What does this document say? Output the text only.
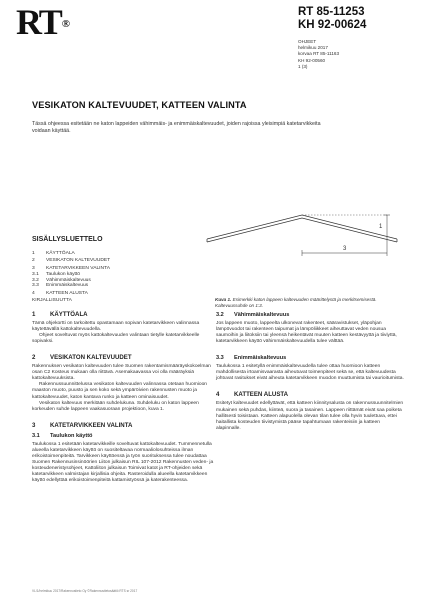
RT®
RT 85-11253
KH 92-00624
OHJEET
helmikuu 2017
korvaa RT 85-11163
KH 92-00560
1 (3)
VESIKATON KALTEVUUDET, KATTEEN VALINTA
Tässä ohjeessa esitetään ne katon lappeiden vähimmäis- ja enimmäiskaltevuudet, joiden rajoissa yleisimpiä katetarvikkeita voidaan käyttää.
SISÄLLYSLUETTELO
1 KÄYTTÖALA
2 VESIKATON KALTEVUUDET
3 KATETARVIKKEEN VALINTA
3.1 Taulukon käyttö
3.2 Vähimmäiskaltevuus
3.3 Enimmäiskaltevuus
4 KATTEEN ALUSTA
KIRJALLISUUTTA
1
3
Kuva 1. Esimerkki katon lappeen kaltevuuden määrittelystä ja merkitsemisestä. Kaltevuussuhde on 1:3.
1 KÄYTTÖALA

Tämä ohjekortti on tarkoitettu opastamaan sopivan katetarvikkeen valinnassa käytettävällä kattokaltevuudella.

Ohjeet soveltuvat myös kattokaltevuuden valintaan tietylle katetarvikkeelle sopivaksi.

2 VESIKATON KALTEVUUDET

Rakennuksen vesikaton kaltevuuden tulee Suomen rakentamismääräyskokoelman osan C2 Kosteus mukaan olla riittävä. Asemakaavassa voi olla määräyksiä kattokaltevuuksista.

Rakennussuunnittelussa vesikaton kaltevuuden valinnassa otetaan huomioon maaston muoto, puusto ja sen koko sekä ympäröivien rakennusten muoto ja kattokaltevuudet, katon kantava runko ja katteen ominaisuudet.

Vesikaton kaltevuus merkitään suhdelukuna. Suhdeluku on katon lappeen korkeuden suhde lappeen vaakasuoraan projektioon, kuva 1.

3 KATETARVIKKEEN VALINTA
3.1 Taulukon käyttö

Taulukossa 1 esitetään katetarvikkeille soveltuvat kattokaltevuudet. Tummennetulla alueella katetarvikkeen käyttö on suositeltavaa normaaliolosuhteissa ilman erikoistoimenpiteitä. Tarvikkeen käyttöessä ja työn suorituksessa tulee noudattaa Suomen Rakennusinsinöörien Liiton julkaisun RIL 107-2012 Rakennusten veden- ja kosteudeneristysohjeet, Kattoliiton julkaisun Toimivat katot ja RT-ohjeiden sekä katetarvikkeen valmistajan kirjallisia ohjeita. Rasteroidulla alueella katetarvikkeen käyttö edellyttää erikoistoimenpiteitä kattamistyössä ja katerakenteessa.

3.2 Vähimmäiskaltevuus

Jos lappeen muoto, lappeelta ulkonevat rakenteet, sääravistukset, yläpohjan lämpövuodot tai rakenteen taipumat ja lämpöliikkeet aiheuttavat veden nousua saumoihin ja liitoksiin tai yleensä heikentävät muuten katteen kestävyyttä ja tiiviyttä, katetarvikkeen käyttö vähimmäiskaltevuudella tulee välttää.

3.3 Enimmäiskaltevuus

Taulukossa 1 esitetyllä enimmäiskaltevuudella tulee ottaa huomioon katteen mahdollisesta irtoamisvaarasta aiheutuvat toimenpiteet sekä se, että kaltevuudesta johtuvat rasitukset eivät aiheuta katetarvikkeen muodon muuttumista tai vaurioitumista.

4 KATTEEN ALUSTA

Esitetyt kaltevuudet edellyttävät, että katteen kiinnitysalusta on rakennussuunnitelmien mukainen sekä puhdas, kiinteä, suora ja tasainen. Lappeen riittämät eivät saa poiketa hallitsesti toisistaan. Katteen alapuolella olevan tilan tulee olla hyvin tuulettuva, ettei haitallista kosteuden tiivistymistä pääse tapahtumaan rakenteisiin ja katteen alapinnalle.

VL/1/helmikuu 2017/Rakennustieto Oy ©Rakennustietosäätiö RTS sr 2017
